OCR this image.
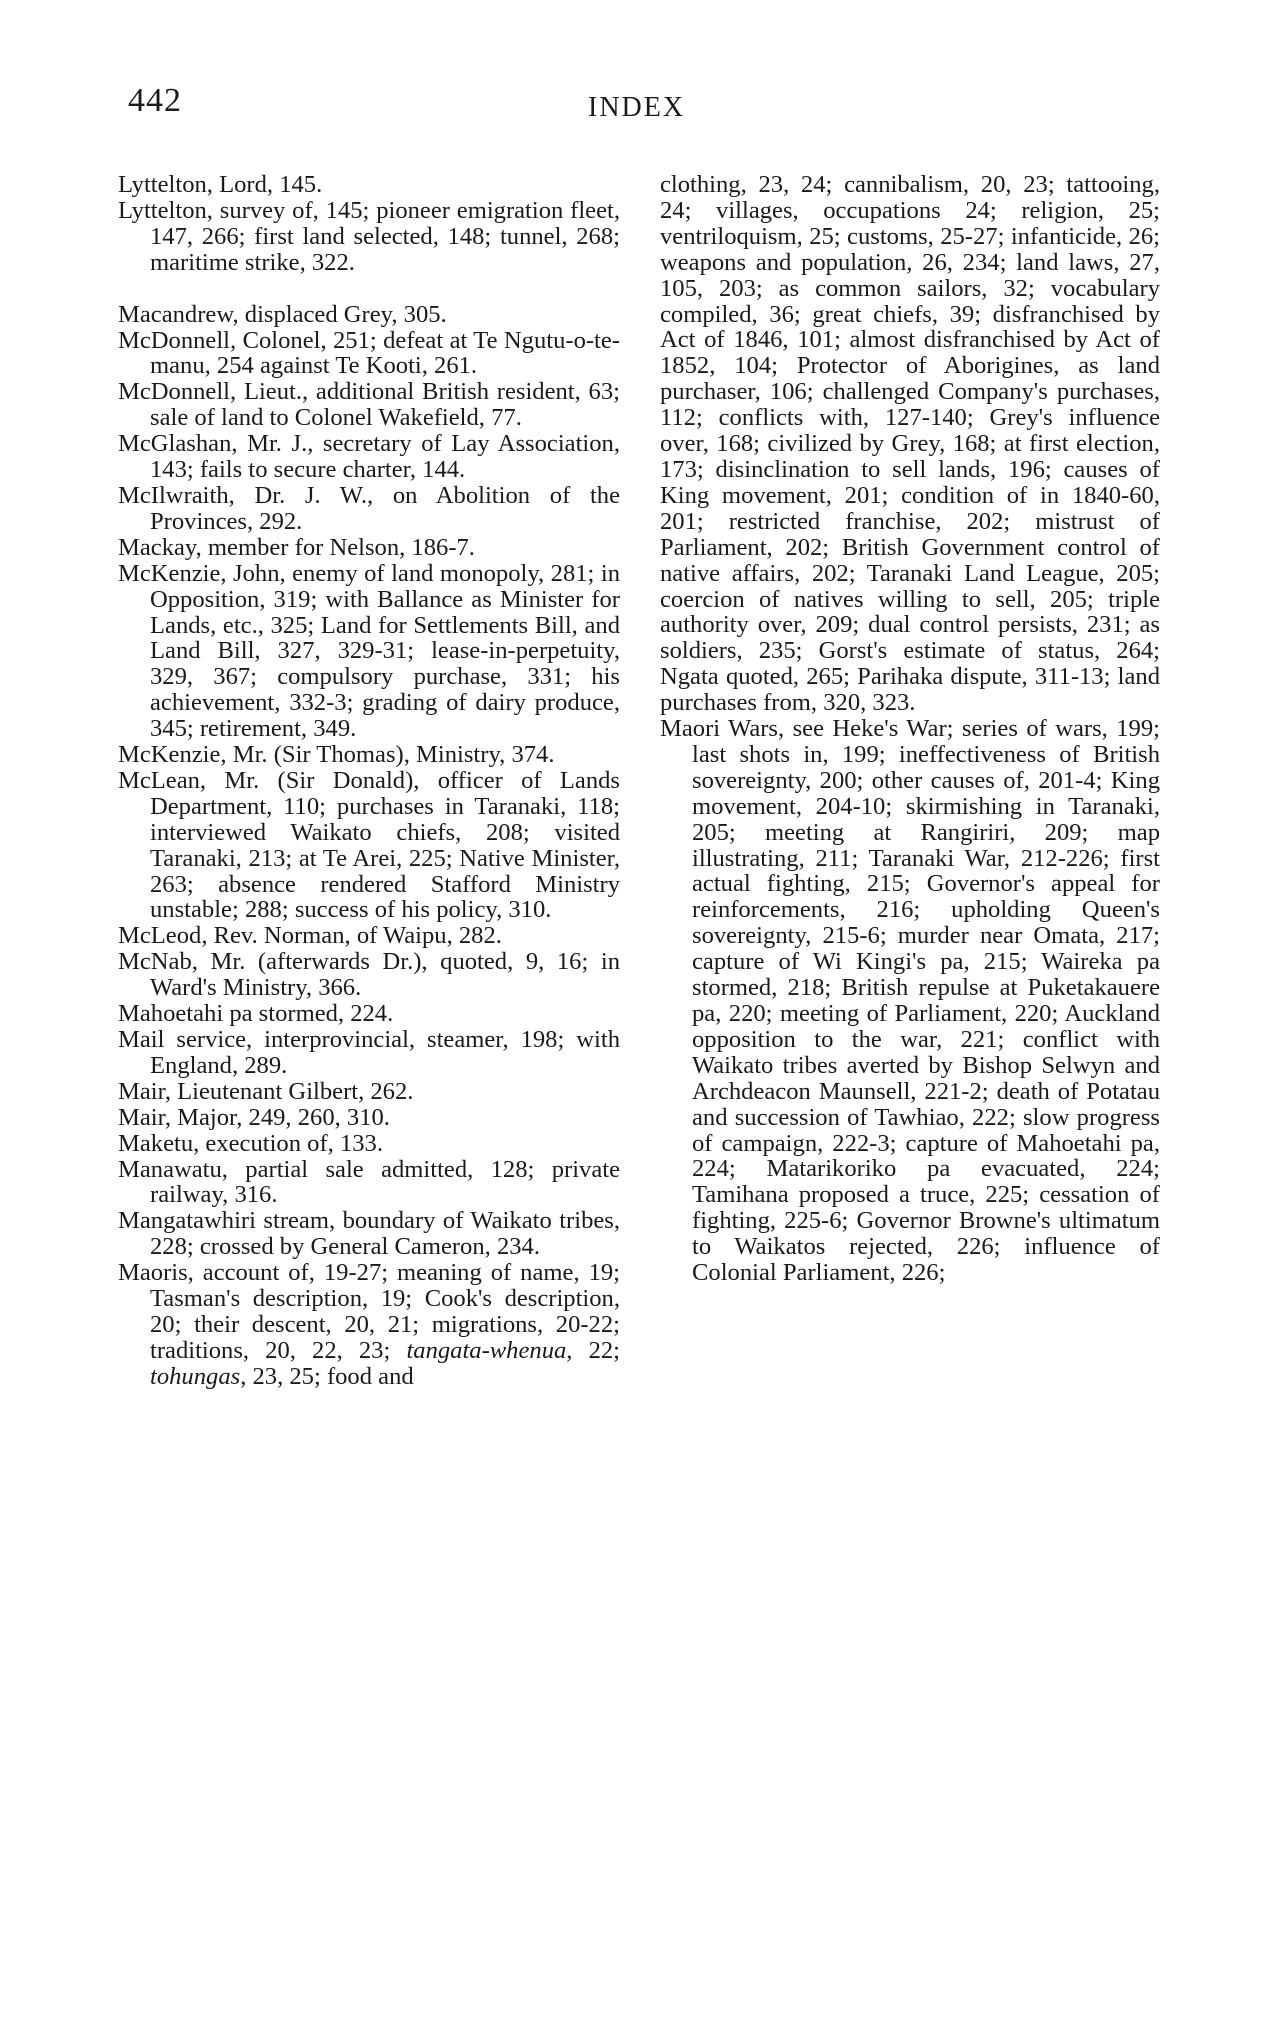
442	INDEX

Lyttelton, Lord, 145.

Lyttelton, survey of, 145; pioneer emigration fleet, 147, 266; first land selected, 148; tunnel, 268; maritime strike, 322.

Macandrew, displaced Grey, 305.

McDonnell, Colonel, 251; defeat at Te Ngutu-o-te-manu, 254 against Te Kooti, 261.

McDonnell, Lieut., additional British resident, 63; sale of land to Colonel Wakefield, 77.

McGlashan, Mr. J., secretary of Lay Association, 143; fails to secure charter, 144.

McIlwraith, Dr. J. W., on Abolition of the Provinces, 292.

Mackay, member for Nelson, 186-7.

McKenzie, John, enemy of land monopoly, 281; in Opposition, 319; with Ballance as Minister for Lands, etc., 325; Land for Settlements Bill, and Land Bill, 327, 329-31; lease-in-perpetuity, 329, 367; compulsory purchase, 331; his achievement, 332-3; grading of dairy produce, 345; retirement, 349.

McKenzie, Mr. (Sir Thomas), Ministry, 374.

McLean, Mr. (Sir Donald), officer of Lands Department, 110; purchases in Taranaki, 118; interviewed Waikato chiefs, 208; visited Taranaki, 213; at Te Arei, 225; Native Minister, 263; absence rendered Stafford Ministry unstable; 288; success of his policy, 310.

McLeod, Rev. Norman, of Waipu, 282.

McNab, Mr. (afterwards Dr.), quoted, 9, 16; in Ward's Ministry, 366.

Mahoetahi pa stormed, 224.

Mail service, interprovincial, steamer, 198; with England, 289.

Mair, Lieutenant Gilbert, 262.

Mair, Major, 249, 260, 310.

Maketu, execution of, 133.

Manawatu, partial sale admitted, 128; private railway, 316.

Mangatawhiri stream, boundary of Waikato tribes, 228; crossed by General Cameron, 234.

Maoris, account of, 19-27; meaning of name, 19; Tasman's description, 19; Cook's description, 20; their descent, 20, 21; migrations, 20-22; traditions, 20, 22, 23; tangata-whenua, 22; tohungas, 23, 25; food and

clothing, 23, 24; cannibalism, 20, 23; tattooing, 24; villages, occupations 24; religion, 25; ventriloquism, 25; customs, 25-27; infanticide, 26; weapons and population, 26, 234; land laws, 27, 105, 203; as common sailors, 32; vocabulary compiled, 36; great chiefs, 39; disfranchised by Act of 1846, 101; almost disfranchised by Act of 1852, 104; Protector of Aborigines, as land purchaser, 106; challenged Company's purchases, 112; conflicts with, 127-140; Grey's influence over, 168; civilized by Grey, 168; at first election, 173; disinclination to sell lands, 196; causes of King movement, 201; condition of in 1840-60, 201; restricted franchise, 202; mistrust of Parliament, 202; British Government control of native affairs, 202; Taranaki Land League, 205; coercion of natives willing to sell, 205; triple authority over, 209; dual control persists, 231; as soldiers, 235; Gorst's estimate of status, 264; Ngata quoted, 265; Parihaka dispute, 311-13; land purchases from, 320, 323.

Maori Wars, see Heke's War; series of wars, 199; last shots in, 199; ineffectiveness of British sovereignty, 200; other causes of, 201-4; King movement, 204-10; skirmishing in Taranaki, 205; meeting at Rangiriri, 209; map illustrating, 211; Taranaki War, 212-226; first actual fighting, 215; Governor's appeal for reinforcements, 216; upholding Queen's sovereignty, 215-6; murder near Omata, 217; capture of Wi Kingi's pa, 215; Waireka pa stormed, 218; British repulse at Puketakauere pa, 220; meeting of Parliament, 220; Auckland opposition to the war, 221; conflict with Waikato tribes averted by Bishop Selwyn and Archdeacon Maunsell, 221-2; death of Potatau and succession of Tawhiao, 222; slow progress of campaign, 222-3; capture of Mahoetahi pa, 224; Matarikoriko pa evacuated, 224; Tamihana proposed a truce, 225; cessation of fighting, 225-6; Governor Browne's ultimatum to Waikatos rejected, 226; influence of Colonial Parliament, 226;
